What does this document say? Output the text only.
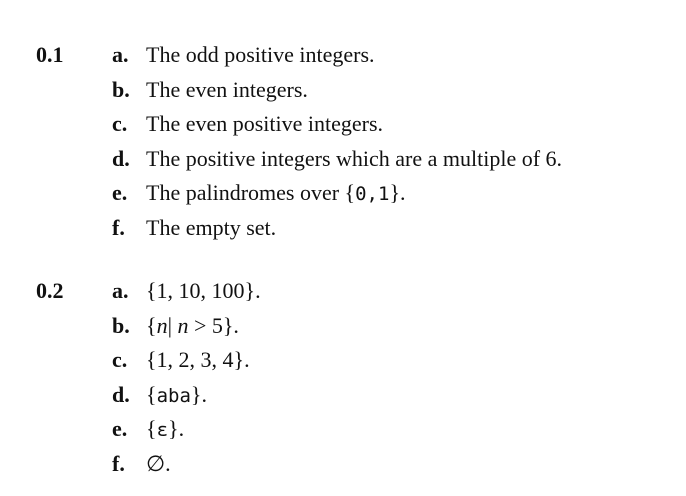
0.1 a. The odd positive integers.
b. The even integers.
c. The even positive integers.
d. The positive integers which are a multiple of 6.
e. The palindromes over {0,1}.
f. The empty set.
0.2 a. {1, 10, 100}.
b. {n| n > 5}.
c. {1, 2, 3, 4}.
d. {aba}.
e. {ε}.
f. ∅.
